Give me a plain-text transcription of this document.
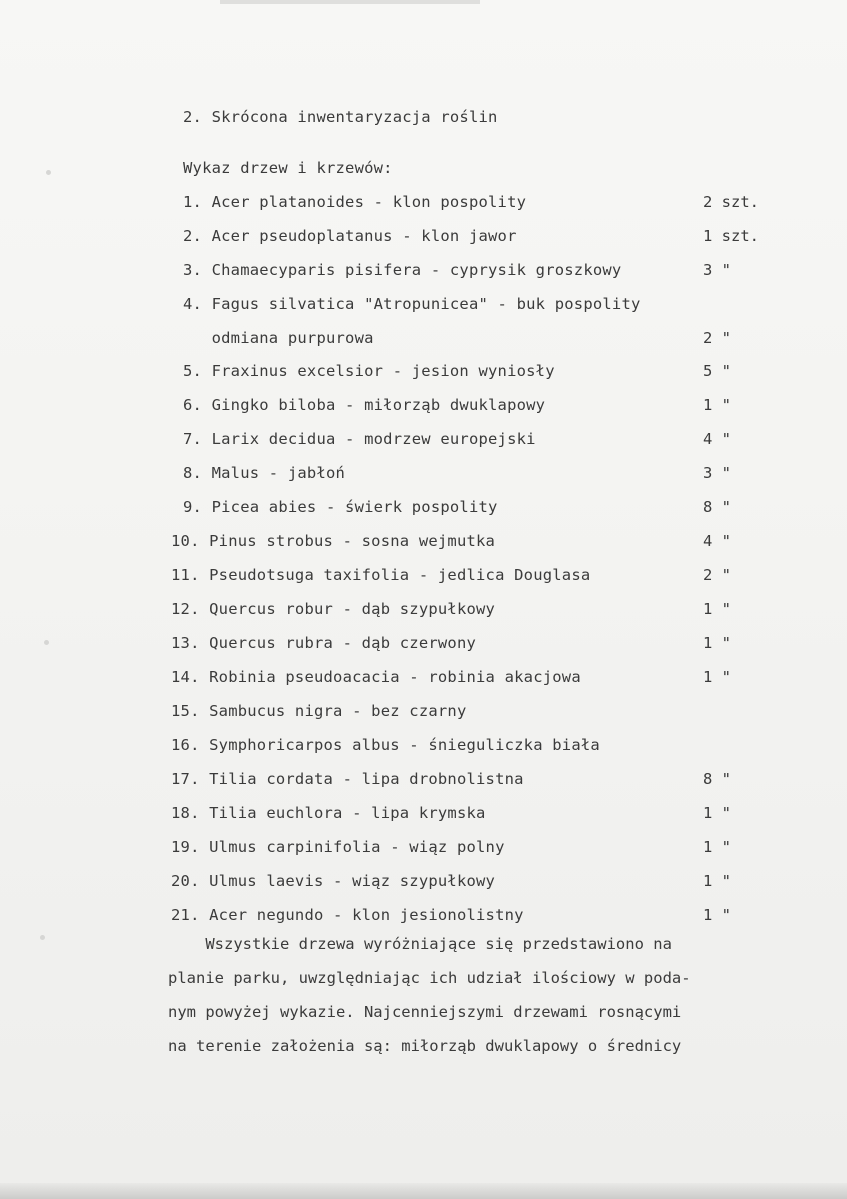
2. Skrócona inwentaryzacja roślin
Wykaz drzew i krzewów:
1. Acer platanoides - klon pospolity	2 szt.
2. Acer pseudoplatanus - klon jawor	1 szt.
3. Chamaecyparis pisifera - cyprysik groszkowy	3 "
4. Fagus silvatica "Atropunicea" - buk pospolity
odmiana purpurowa	2 "
5. Fraxinus excelsior - jesion wyniosły	5 "
6. Gingko biloba - miłorząb dwuklapowy	1 "
7. Larix decidua - modrzew europejski	4 "
8. Malus - jabłoń	3 "
9. Picea abies - świerk pospolity	8 "
10. Pinus strobus - sosna wejmutka	4 "
11. Pseudotsuga taxifolia - jedlica Douglasa	2 "
12. Quercus robur - dąb szypułkowy	1 "
13. Quercus rubra - dąb czerwony	1 "
14. Robinia pseudoacacia - robinia akacjowa	1 "
15. Sambucus nigra - bez czarny
16. Symphoricarpos albus - śnieguliczka biała
17. Tilia cordata - lipa drobnolistna	8 "
18. Tilia euchlora - lipa krymska	1 "
19. Ulmus carpinifolia - wiąz polny	1 "
20. Ulmus laevis - wiąz szypułkowy	1 "
21. Acer negundo - klon jesionolistny	1 "
Wszystkie drzewa wyróżniające się przedstawiono na
planie parku, uwzględniając ich udział ilościowy w poda-
nym powyżej wykazie. Najcenniejszymi drzewami rosnącymi
na terenie założenia są: miłorząb dwuklapowy o średnicy
